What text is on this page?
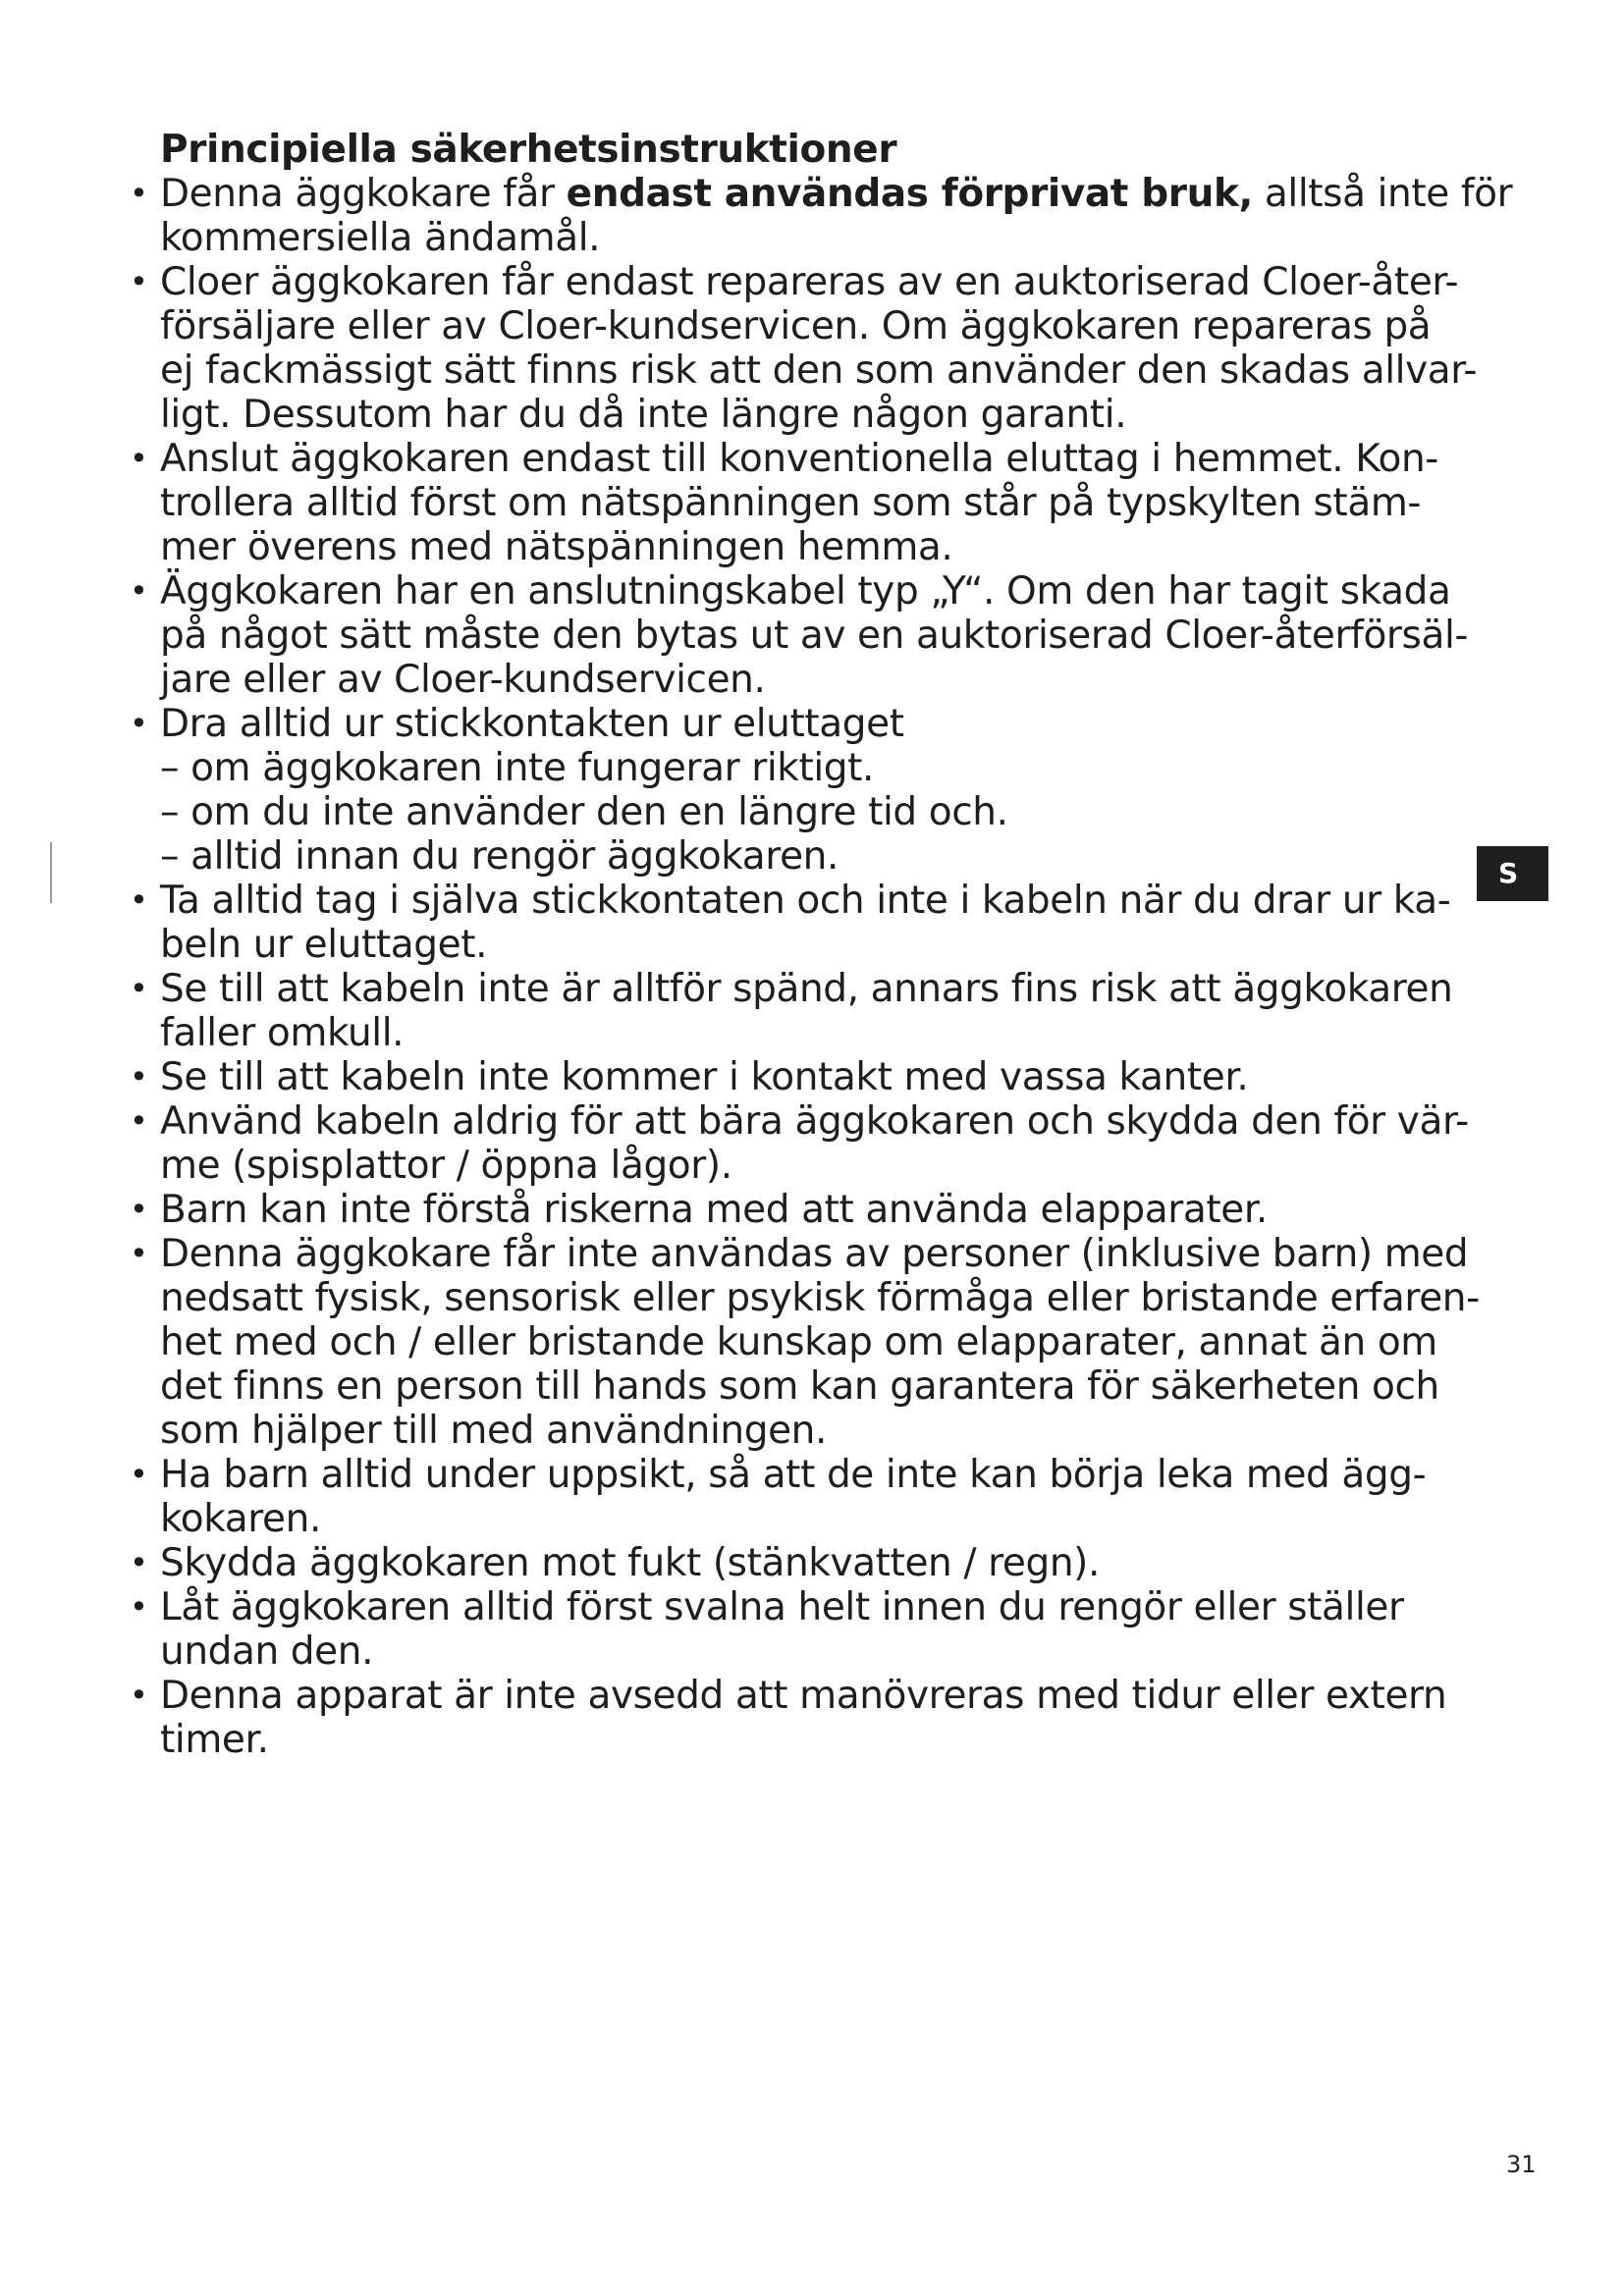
Principiella säkerhetsinstruktioner
• Denna äggkokare får endast användas förprivat bruk, alltså inte för
kommersiella ändamål.
• Cloer äggkokaren får endast repareras av en auktoriserad Cloer-åter-
försäljare eller av Cloer-kundservicen. Om äggkokaren repareras på
ej fackmässigt sätt finns risk att den som använder den skadas allvar-
ligt. Dessutom har du då inte längre någon garanti.
• Anslut äggkokaren endast till konventionella eluttag i hemmet. Kon-
trollera alltid först om nätspänningen som står på typskylten stäm-
mer överens med nätspänningen hemma.
• Äggkokaren har en anslutningskabel typ „Y“. Om den har tagit skada
på något sätt måste den bytas ut av en auktoriserad Cloer-återförsäl-
jare eller av Cloer-kundservicen.
• Dra alltid ur stickkontakten ur eluttaget
– om äggkokaren inte fungerar riktigt.
– om du inte använder den en längre tid och.
– alltid innan du rengör äggkokaren.
• Ta alltid tag i själva stickkontaten och inte i kabeln när du drar ur ka-
beln ur eluttaget.
• Se till att kabeln inte är alltför spänd, annars fins risk att äggkokaren
faller omkull.
• Se till att kabeln inte kommer i kontakt med vassa kanter.
• Använd kabeln aldrig för att bära äggkokaren och skydda den för vär-
me (spisplattor / öppna lågor).
• Barn kan inte förstå riskerna med att använda elapparater.
• Denna äggkokare får inte användas av personer (inklusive barn) med
nedsatt fysisk, sensorisk eller psykisk förmåga eller bristande erfaren-
het med och / eller bristande kunskap om elapparater, annat än om
det finns en person till hands som kan garantera för säkerheten och
som hjälper till med användningen.
• Ha barn alltid under uppsikt, så att de inte kan börja leka med ägg-
kokaren.
• Skydda äggkokaren mot fukt (stänkvatten / regn).
• Låt äggkokaren alltid först svalna helt innen du rengör eller ställer
undan den.
• Denna apparat är inte avsedd att manövreras med tidur eller extern
timer.
S
31
